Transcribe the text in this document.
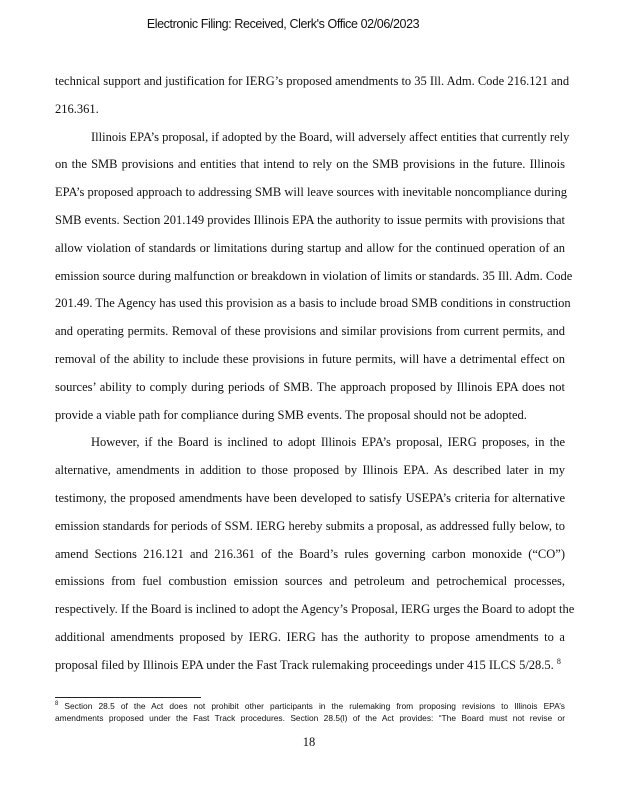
Electronic Filing: Received, Clerk's Office 02/06/2023
technical support and justification for IERG’s proposed amendments to 35 Ill. Adm. Code 216.121 and
216.361.
Illinois EPA’s proposal, if adopted by the Board, will adversely affect entities that currently rely
on the SMB provisions and entities that intend to rely on the SMB provisions in the future. Illinois
EPA’s proposed approach to addressing SMB will leave sources with inevitable noncompliance during
SMB events. Section 201.149 provides Illinois EPA the authority to issue permits with provisions that
allow violation of standards or limitations during startup and allow for the continued operation of an
emission source during malfunction or breakdown in violation of limits or standards. 35 Ill. Adm. Code
201.49. The Agency has used this provision as a basis to include broad SMB conditions in construction
and operating permits. Removal of these provisions and similar provisions from current permits, and
removal of the ability to include these provisions in future permits, will have a detrimental effect on
sources’ ability to comply during periods of SMB. The approach proposed by Illinois EPA does not
provide a viable path for compliance during SMB events. The proposal should not be adopted.
However, if the Board is inclined to adopt Illinois EPA’s proposal, IERG proposes, in the
alternative, amendments in addition to those proposed by Illinois EPA. As described later in my
testimony, the proposed amendments have been developed to satisfy USEPA’s criteria for alternative
emission standards for periods of SSM. IERG hereby submits a proposal, as addressed fully below, to
amend Sections 216.121 and 216.361 of the Board’s rules governing carbon monoxide (“CO”)
emissions from fuel combustion emission sources and petroleum and petrochemical processes,
respectively. If the Board is inclined to adopt the Agency’s Proposal, IERG urges the Board to adopt the
additional amendments proposed by IERG. IERG has the authority to propose amendments to a
proposal filed by Illinois EPA under the Fast Track rulemaking proceedings under 415 ILCS 5/28.5. $^8$
$^8$ Section 28.5 of the Act does not prohibit other participants in the rulemaking from proposing revisions to Illinois EPA’s
amendments proposed under the Fast Track procedures. Section 28.5(l) of the Act provides: “The Board must not revise or
18
